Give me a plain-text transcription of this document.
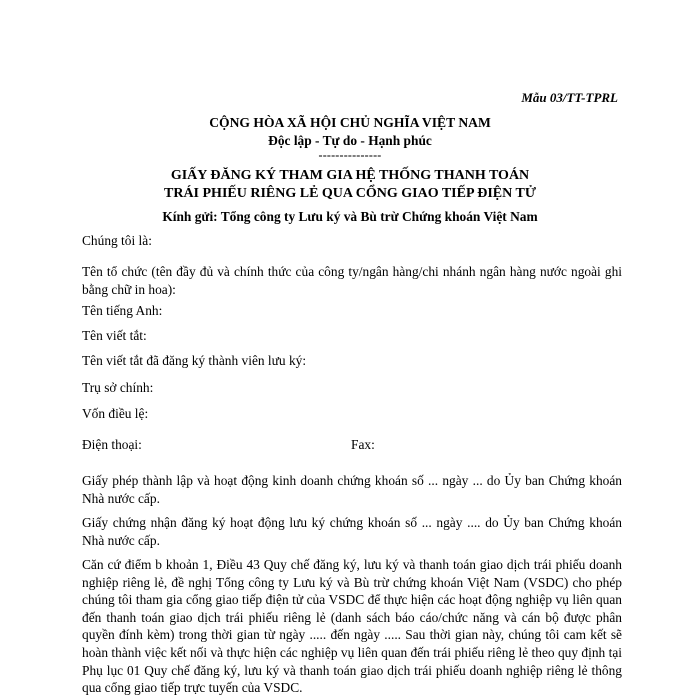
Mẫu 03/TT-TPRL
CỘNG HÒA XÃ HỘI CHỦ NGHĨA VIỆT NAM
Độc lập - Tự do - Hạnh phúc
---------------
GIẤY ĐĂNG KÝ THAM GIA HỆ THỐNG THANH TOÁN
TRÁI PHIẾU RIÊNG LẺ QUA CỔNG GIAO TIẾP ĐIỆN TỬ
Kính gửi: Tổng công ty Lưu ký và Bù trừ Chứng khoán Việt Nam
Chúng tôi là:
Tên tổ chức (tên đầy đủ và chính thức của công ty/ngân hàng/chi nhánh ngân hàng nước ngoài ghi bằng chữ in hoa):
Tên tiếng Anh:
Tên viết tắt:
Tên viết tắt đã đăng ký thành viên lưu ký:
Trụ sở chính:
Vốn điều lệ:
Điện thoại:	Fax:
Giấy phép thành lập và hoạt động kinh doanh chứng khoán số ... ngày ... do Ủy ban Chứng khoán Nhà nước cấp.
Giấy chứng nhận đăng ký hoạt động lưu ký chứng khoán số ... ngày .... do Ủy ban Chứng khoán Nhà nước cấp.
Căn cứ điểm b khoản 1, Điều 43 Quy chế đăng ký, lưu ký và thanh toán giao dịch trái phiếu doanh nghiệp riêng lẻ, đề nghị Tổng công ty Lưu ký và Bù trừ chứng khoán Việt Nam (VSDC) cho phép chúng tôi tham gia cổng giao tiếp điện tử của VSDC để thực hiện các hoạt động nghiệp vụ liên quan đến thanh toán giao dịch trái phiếu riêng lẻ (danh sách báo cáo/chức năng và cán bộ được phân quyền đính kèm) trong thời gian từ ngày ..... đến ngày ..... Sau thời gian này, chúng tôi cam kết sẽ hoàn thành việc kết nối và thực hiện các nghiệp vụ liên quan đến trái phiếu riêng lẻ theo quy định tại Phụ lục 01 Quy chế đăng ký, lưu ký và thanh toán giao dịch trái phiếu doanh nghiệp riêng lẻ thông qua cổng giao tiếp trực tuyến của VSDC.
